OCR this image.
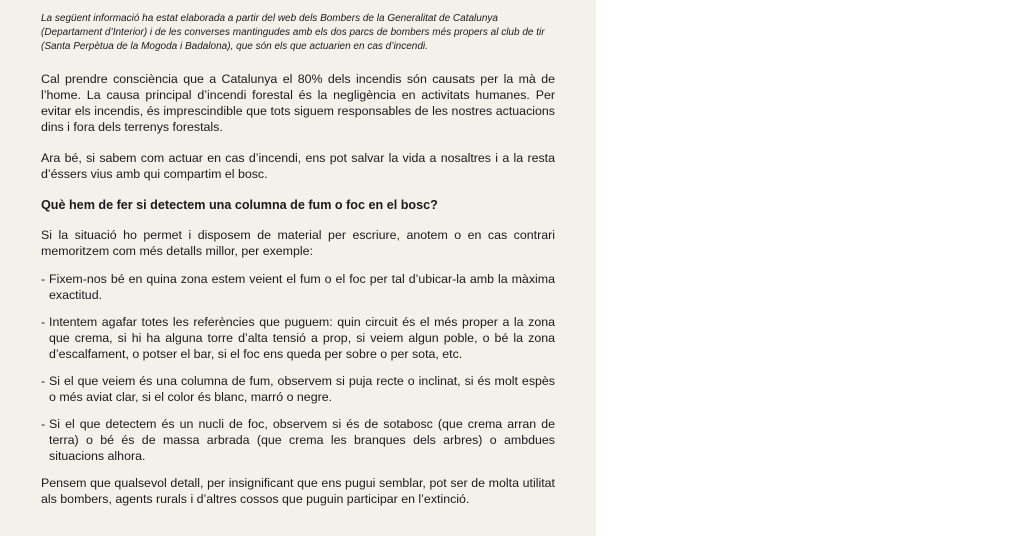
La següent informació ha estat elaborada a partir del web dels Bombers de la Generalitat de Catalunya (Departament d’Interior) i de les converses mantingudes amb els dos parcs de bombers més propers al club de tir (Santa Perpètua de la Mogoda i Badalona), que són els que actuarien en cas d’incendi.

Cal prendre consciència que a Catalunya el 80% dels incendis són causats per la mà de l’home. La causa principal d’incendi forestal és la negligència en activitats humanes. Per evitar els incendis, és imprescindible que tots siguem responsables de les nostres actuacions dins i fora dels terrenys forestals.

Ara bé, si sabem com actuar en cas d’incendi, ens pot salvar la vida a nosaltres i a la resta d’éssers vius amb qui compartim el bosc.

Què hem de fer si detectem una columna de fum o foc en el bosc?

Si la situació ho permet i disposem de material per escriure, anotem o en cas contrari memoritzem com més detalls millor, per exemple:

- Fixem-nos bé en quina zona estem veient el fum o el foc per tal d’ubicar-la amb la màxima exactitud.
- Intentem agafar totes les referències que puguem: quin circuit és el més proper a la zona que crema, si hi ha alguna torre d’alta tensió a prop, si veiem algun poble, o bé la zona d’escalfament, o potser el bar, si el foc ens queda per sobre o per sota, etc.
- Si el que veiem és una columna de fum, observem si puja recte o inclinat, si és molt espès o més aviat clar, si el color és blanc, marró o negre.
- Si el que detectem és un nucli de foc, observem si és de sotabosc (que crema arran de terra) o bé és de massa arbrada (que crema les branques dels arbres) o ambdues situacions alhora.

Pensem que qualsevol detall, per insignificant que ens pugui semblar, pot ser de molta utilitat als bombers, agents rurals i d’altres cossos que puguin participar en l’extinció.
